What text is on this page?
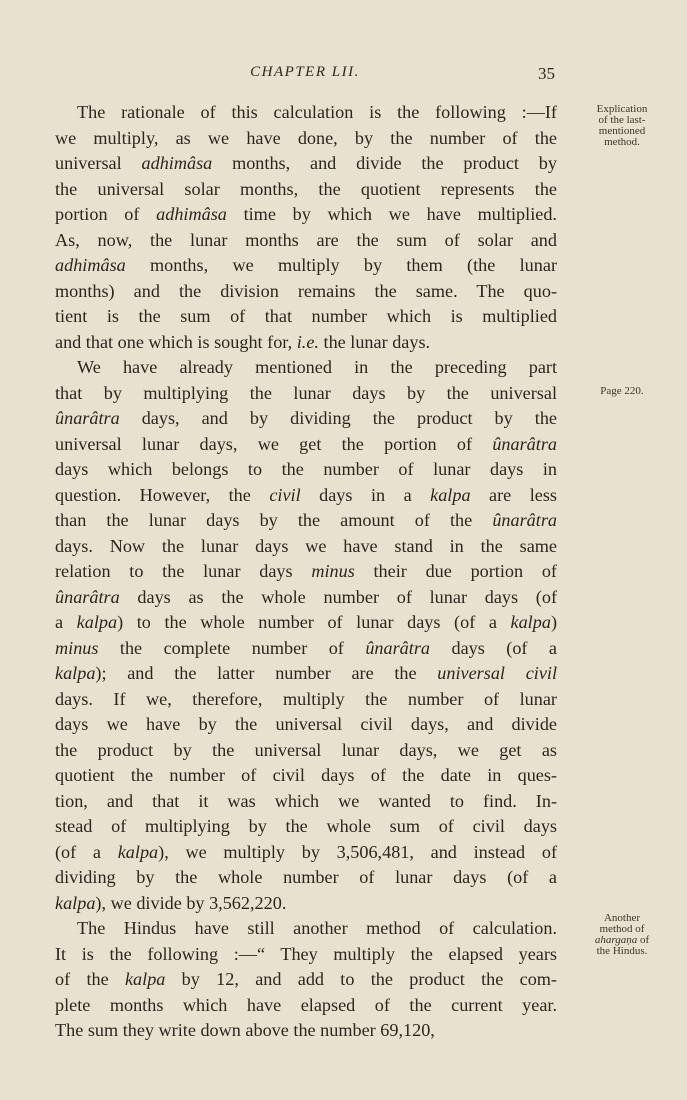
CHAPTER LII.	35
The rationale of this calculation is the following :—If
we multiply, as we have done, by the number of the
universal adhimâsa months, and divide the product by
the universal solar months, the quotient represents the
portion of adhimâsa time by which we have multiplied.
As, now, the lunar months are the sum of solar and
adhimâsa months, we multiply by them (the lunar
months) and the division remains the same. The quo-
tient is the sum of that number which is multiplied
and that one which is sought for, i.e. the lunar days.
We have already mentioned in the preceding part
that by multiplying the lunar days by the universal
ûnarâtra days, and by dividing the product by the
universal lunar days, we get the portion of ûnarâtra
days which belongs to the number of lunar days in
question. However, the civil days in a kalpa are less
than the lunar days by the amount of the ûnarâtra
days. Now the lunar days we have stand in the same
relation to the lunar days minus their due portion of
ûnarâtra days as the whole number of lunar days (of
a kalpa) to the whole number of lunar days (of a kalpa)
minus the complete number of ûnarâtra days (of a
kalpa); and the latter number are the universal civil
days. If we, therefore, multiply the number of lunar
days we have by the universal civil days, and divide
the product by the universal lunar days, we get as
quotient the number of civil days of the date in ques-
tion, and that it was which we wanted to find. In-
stead of multiplying by the whole sum of civil days
(of a kalpa), we multiply by 3,506,481, and instead of
dividing by the whole number of lunar days (of a
kalpa), we divide by 3,562,220.
The Hindus have still another method of calculation.
It is the following :—“ They multiply the elapsed years
of the kalpa by 12, and add to the product the com-
plete months which have elapsed of the current year.
The sum they write down above the number 69,120,
Explication
of the last-
mentioned
method.
Page 220.
Another
method of
ahargaṇa of
the Hindus.
